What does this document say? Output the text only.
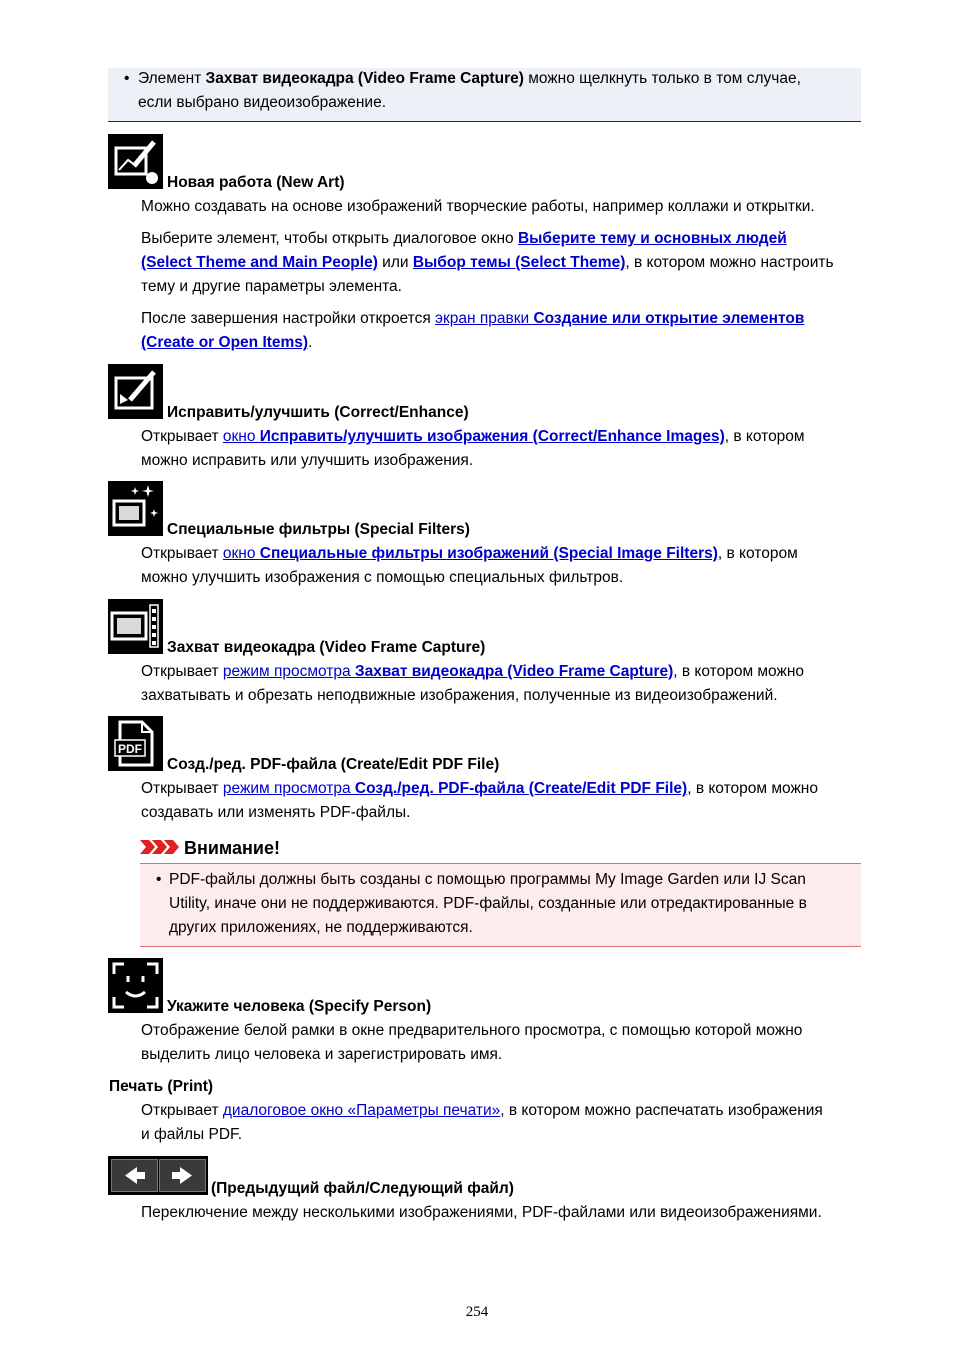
• Элемент Захват видеокадра (Video Frame Capture) можно щелкнуть только в том случае,
если выбрано видеоизображение.
Новая работа (New Art)
Можно создавать на основе изображений творческие работы, например коллажи и открытки.
Выберите элемент, чтобы открыть диалоговое окно Выберите тему и основных людей
(Select Theme and Main People) или Выбор темы (Select Theme), в котором можно настроить
тему и другие параметры элемента.
После завершения настройки откроется экран правки Создание или открытие элементов
(Create or Open Items).
Исправить/улучшить (Correct/Enhance)
Открывает окно Исправить/улучшить изображения (Correct/Enhance Images), в котором
можно исправить или улучшить изображения.
Специальные фильтры (Special Filters)
Открывает окно Специальные фильтры изображений (Special Image Filters), в котором
можно улучшить изображения с помощью специальных фильтров.
Захват видеокадра (Video Frame Capture)
Открывает режим просмотра Захват видеокадра (Video Frame Capture), в котором можно
захватывать и обрезать неподвижные изображения, полученные из видеоизображений.
PDF
Созд./ред. PDF-файла (Create/Edit PDF File)
Открывает режим просмотра Созд./ред. PDF-файла (Create/Edit PDF File), в котором можно
создавать или изменять PDF-файлы.
Внимание!
• PDF-файлы должны быть созданы с помощью программы My Image Garden или IJ Scan
Utility, иначе они не поддерживаются. PDF-файлы, созданные или отредактированные в
других приложениях, не поддерживаются.
Укажите человека (Specify Person)
Отображение белой рамки в окне предварительного просмотра, с помощью которой можно
выделить лицо человека и зарегистрировать имя.
Печать (Print)
Открывает диалоговое окно «Параметры печати», в котором можно распечатать изображения
и файлы PDF.
(Предыдущий файл/Следующий файл)
Переключение между несколькими изображениями, PDF-файлами или видеоизображениями.
254
